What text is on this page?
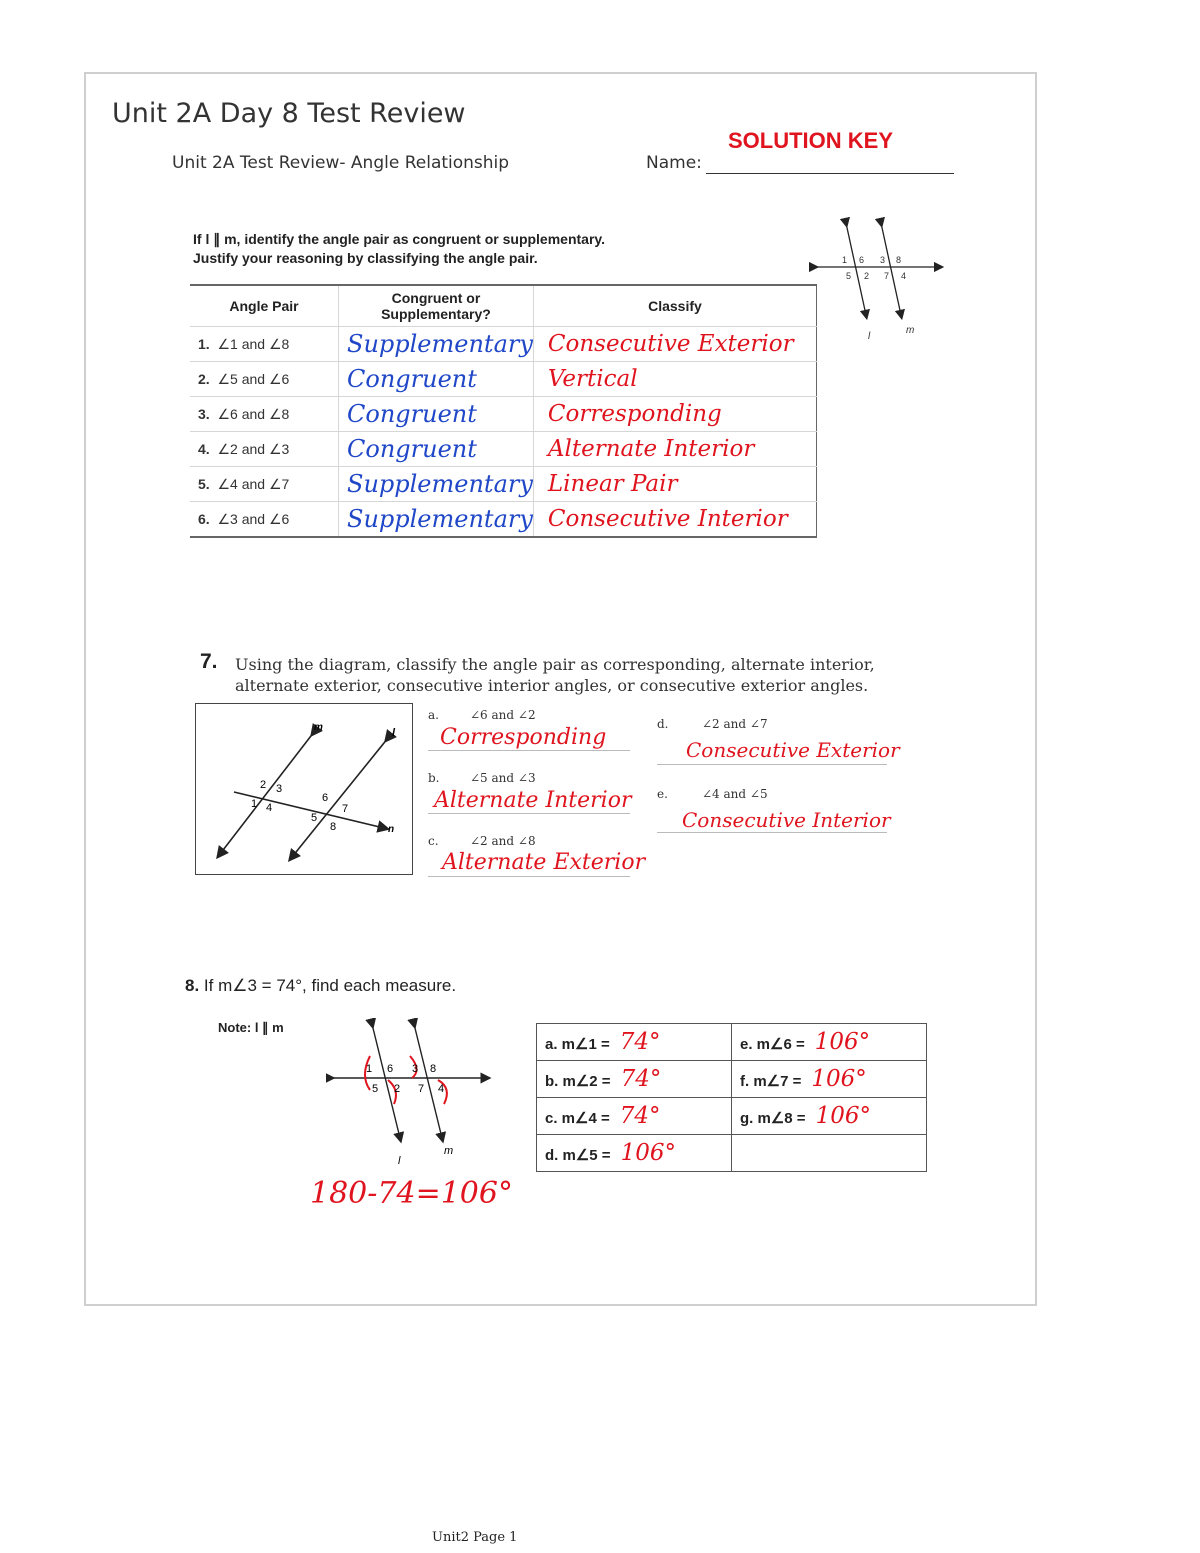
Unit 2A Day 8 Test Review
SOLUTION KEY
Unit 2A Test Review- Angle Relationship	Name:
If l ∥ m, identify the angle pair as congruent or supplementary.
Justify your reasoning by classifying the angle pair.	1 6 3 8
5 2 7 4
l
m
Angle Pair	Congruent or Supplementary?	Classify
1. ∠1 and ∠8	Supplementary	Consecutive Exterior
2. ∠5 and ∠6	Congruent	Vertical
3. ∠6 and ∠8	Congruent	Corresponding
4. ∠2 and ∠3	Congruent	Alternate Interior
5. ∠4 and ∠7	Supplementary	Linear Pair
6. ∠3 and ∠6	Supplementary	Consecutive Interior
7. Using the diagram, classify the angle pair as corresponding, alternate interior, alternate exterior, consecutive interior angles, or consecutive exterior angles.
m	l
n
2 3
1 4
6
7
5
8
a.	∠6 and ∠2
Corresponding
b.	∠5 and ∠3
Alternate Interior
c.	∠2 and ∠8
Alternate Exterior
d.	∠2 and ∠7
Consecutive Exterior
e.	∠4 and ∠5
Consecutive Interior
8. If m∠3 = 74°, find each measure.
Note: l ∥ m
1 6 3 8
5 2 7 4
l
m
a. m∠1 = 74°	e. m∠6 = 106°
b. m∠2 = 74°	f. m∠7 = 106°
c. m∠4 = 74°	g. m∠8 = 106°
d. m∠5 = 106°	
180-74=106°
Unit2 Page 1
